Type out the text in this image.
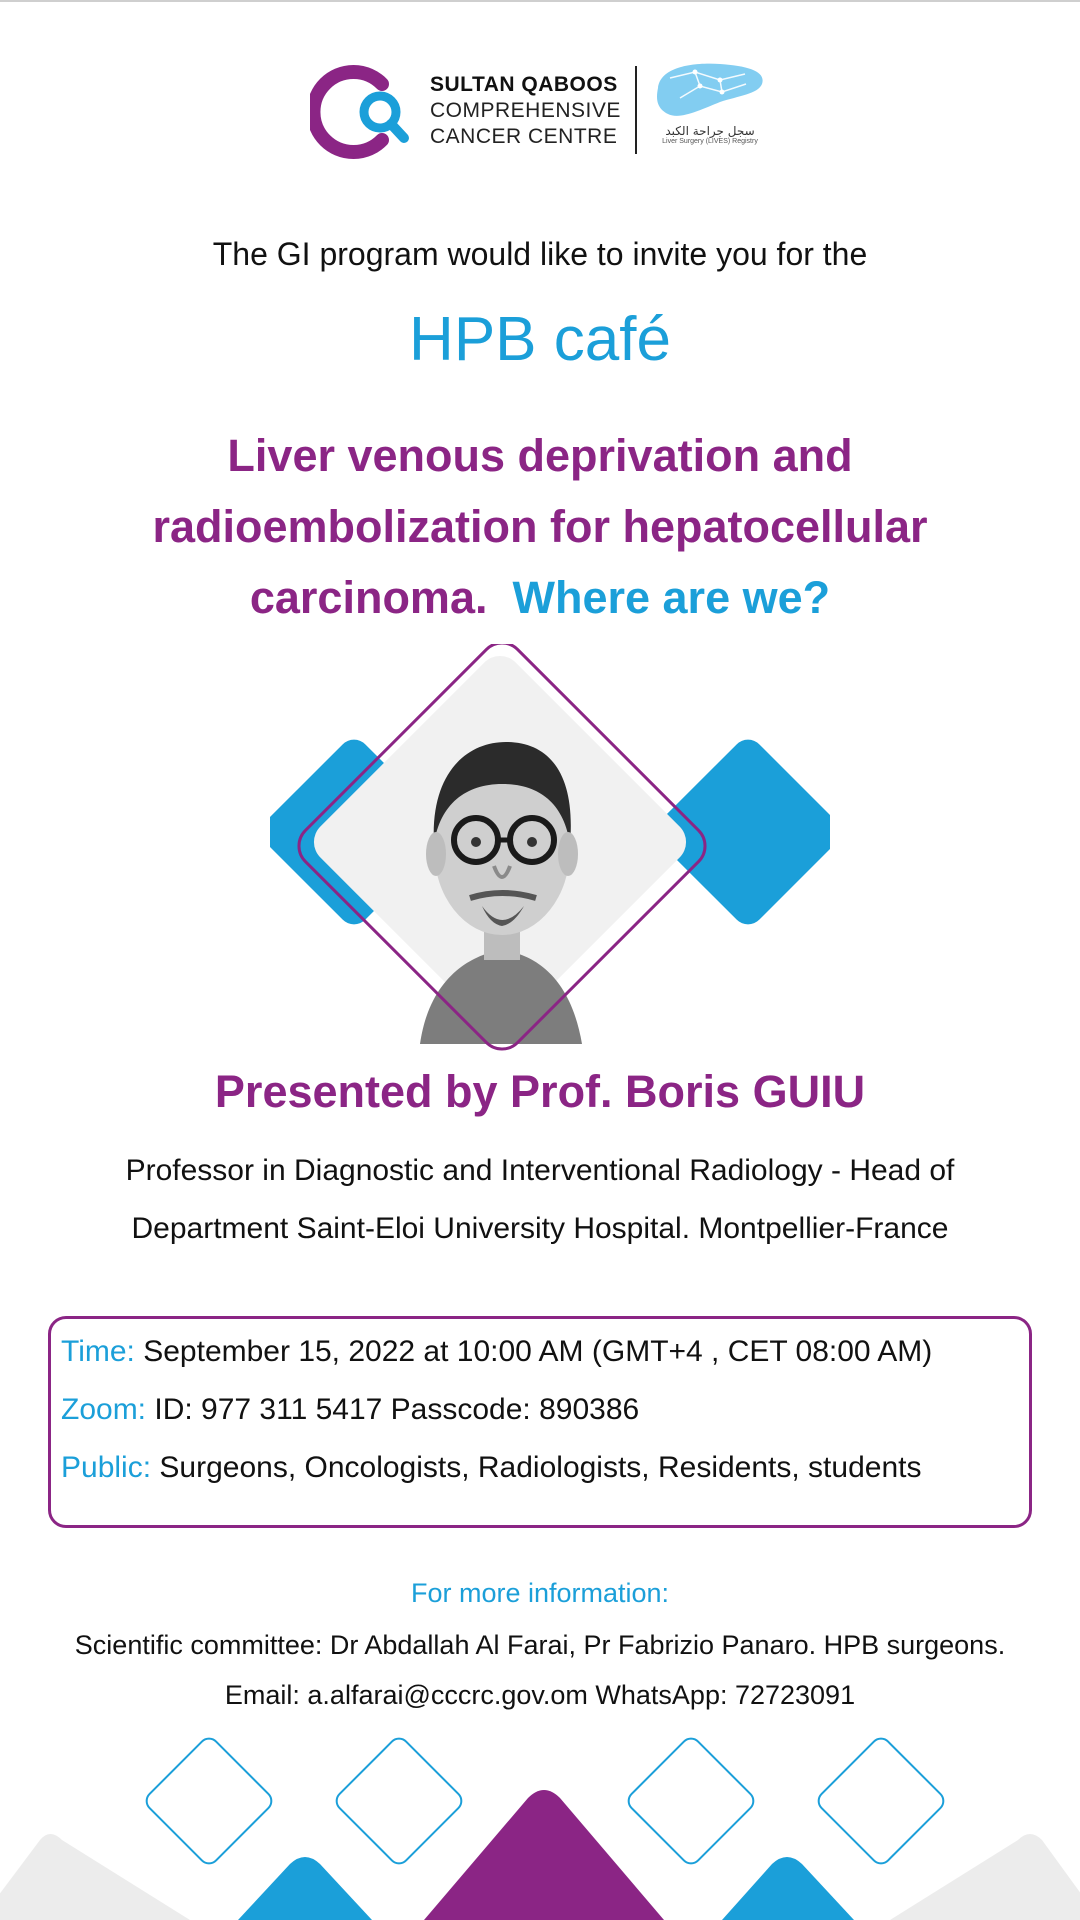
SULTAN QABOOS
COMPREHENSIVE
CANCER CENTRE	سجل جراحة الكبد
Liver Surgery (LIVES) Registry
The GI program would like to invite you for the
HPB café
Liver venous deprivation and
radioembolization for hepatocellular
carcinoma. Where are we?
Presented by Prof. Boris GUIU
Professor in Diagnostic and Interventional Radiology - Head of
Department Saint-Eloi University Hospital. Montpellier-France
Time: September 15, 2022 at 10:00 AM (GMT+4 , CET 08:00 AM)
Zoom: ID: 977 311 5417 Passcode: 890386
Public: Surgeons, Oncologists, Radiologists, Residents, students
For more information:
Scientific committee: Dr Abdallah Al Farai, Pr Fabrizio Panaro. HPB surgeons.
Email: a.alfarai@cccrc.gov.om WhatsApp: 72723091
